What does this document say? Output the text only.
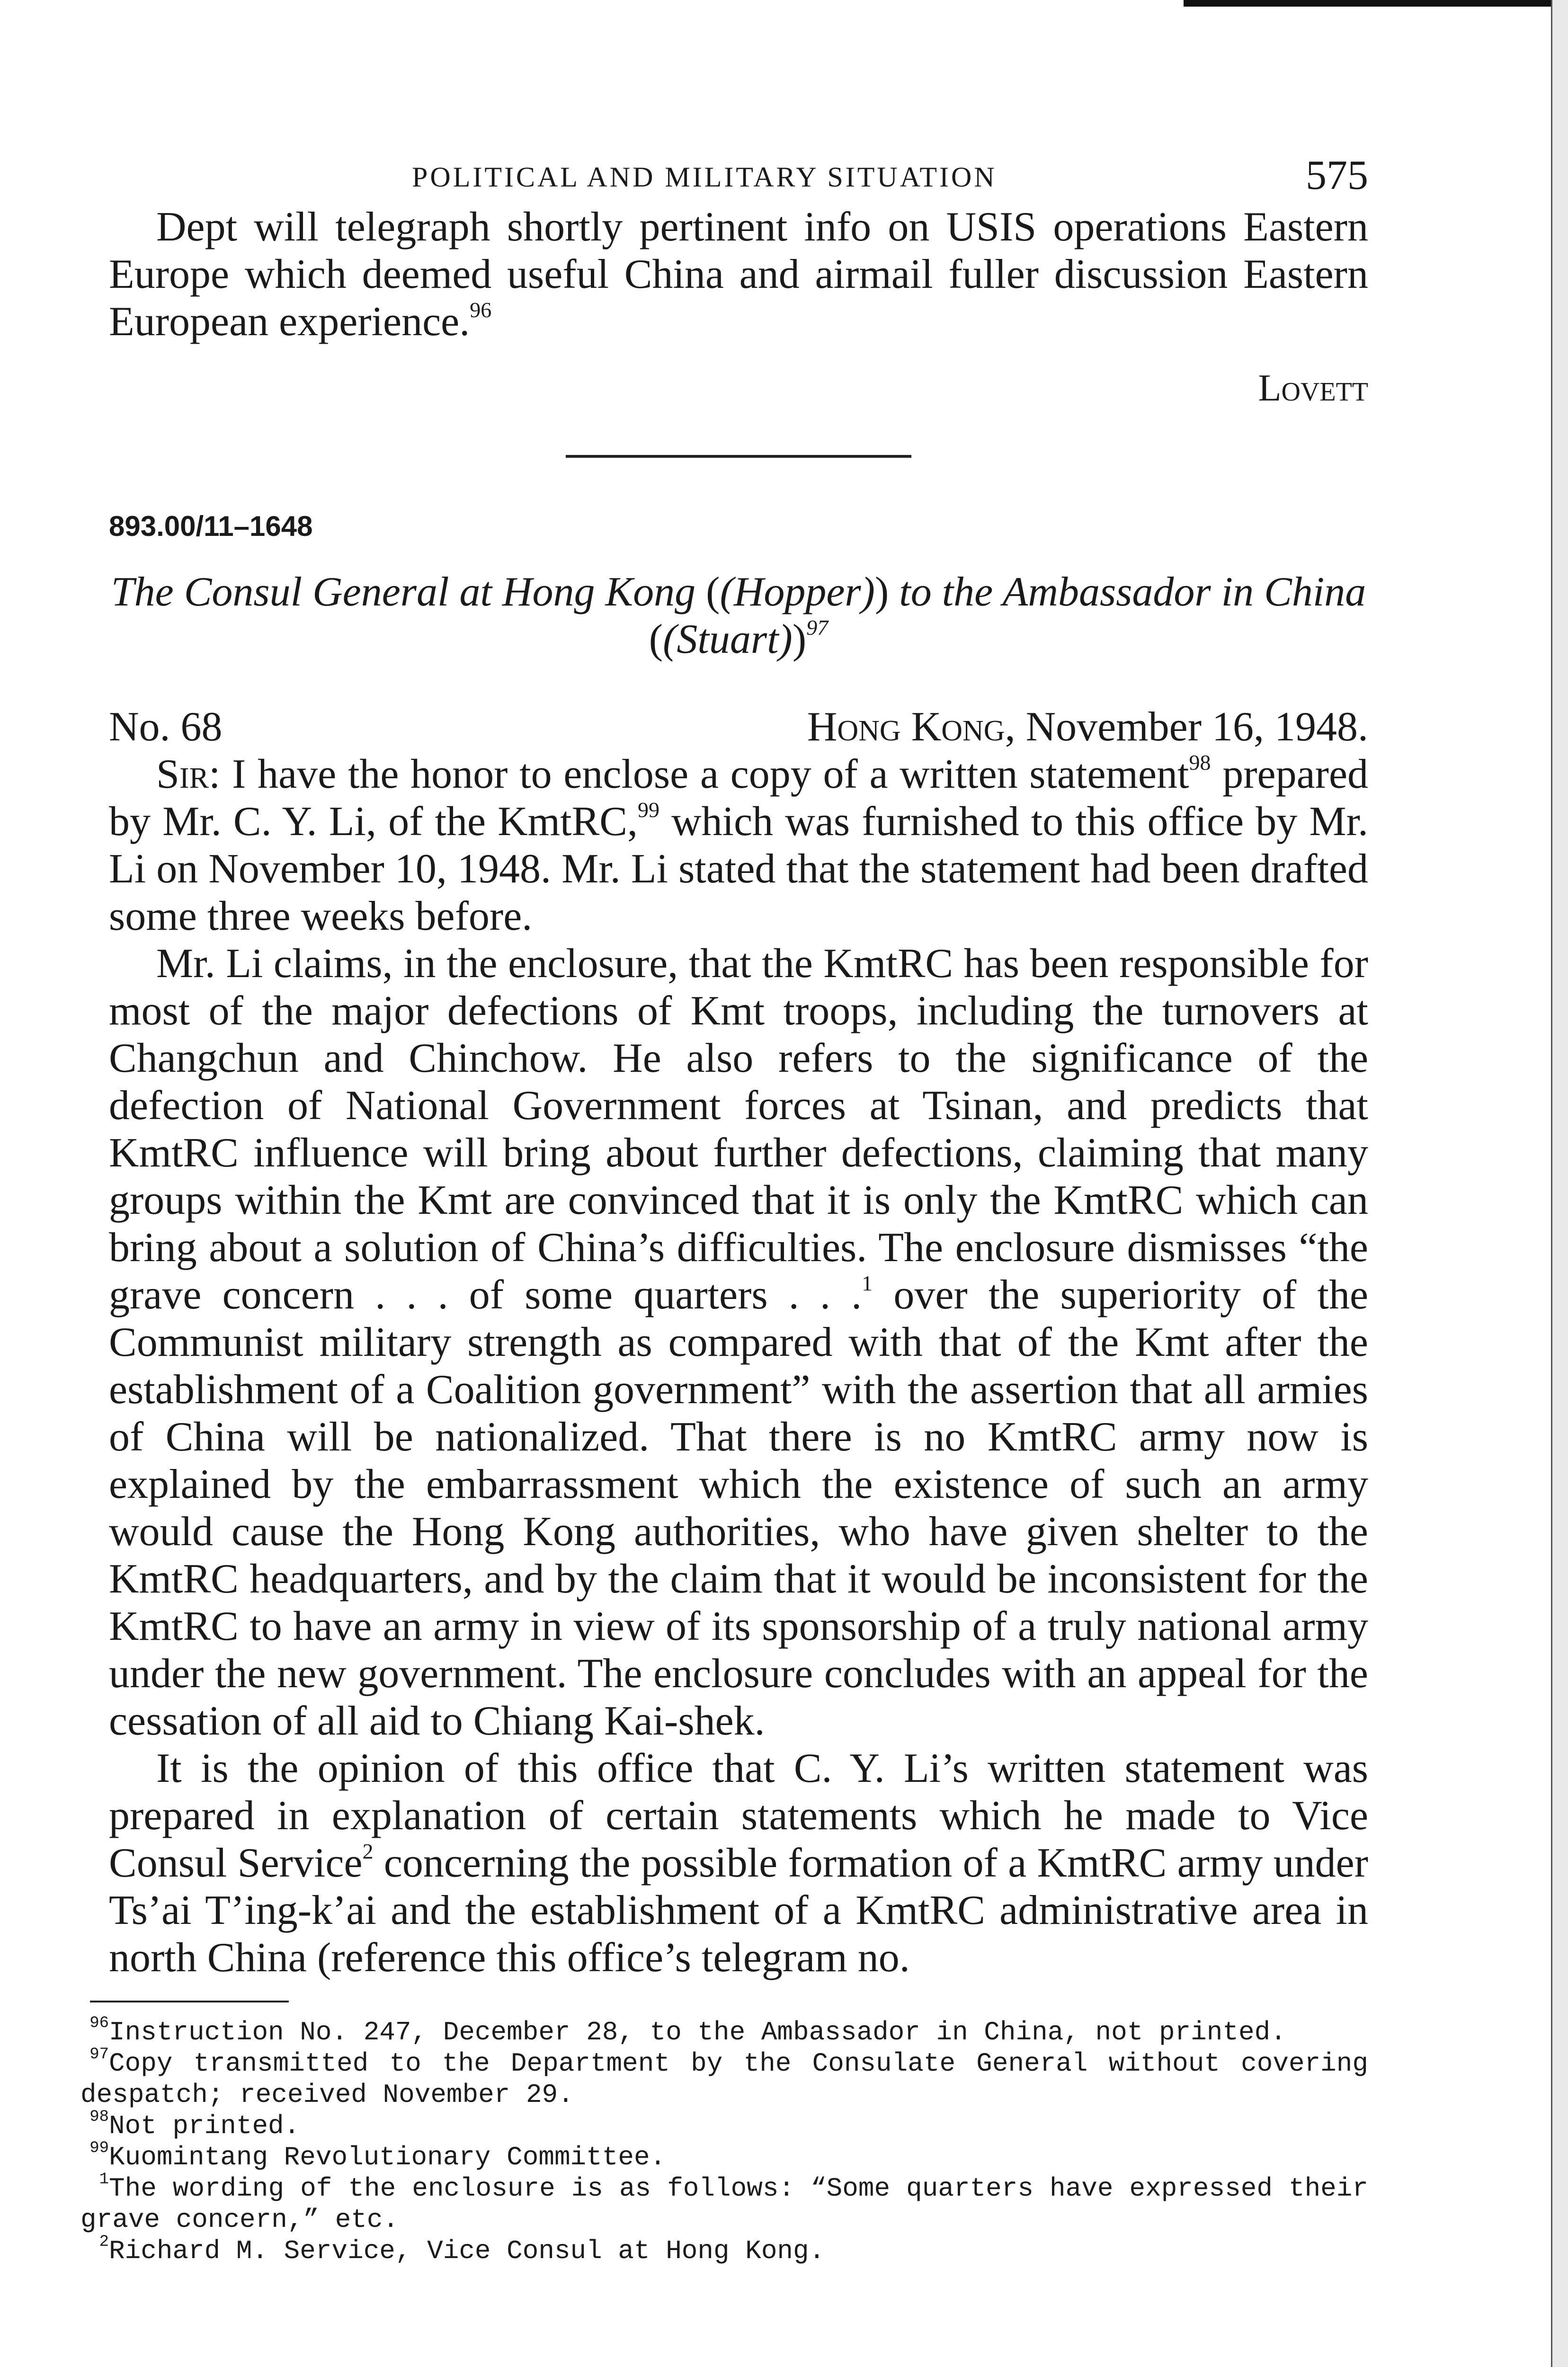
POLITICAL AND MILITARY SITUATION	575

Dept will telegraph shortly pertinent info on USIS operations Eastern Europe which deemed useful China and airmail fuller discussion Eastern European experience.$^{96}$

Lovett

893.00/11–1648
The Consul General at Hong Kong ((Hopper)) to the Ambassador in China ((Stuart))$^{97}$
No. 68	Hong Kong, November 16, 1948.

Sir: I have the honor to enclose a copy of a written statement$^{98}$ prepared by Mr. C. Y. Li, of the KmtRC,$^{99}$ which was furnished to this office by Mr. Li on November 10, 1948. Mr. Li stated that the statement had been drafted some three weeks before.

Mr. Li claims, in the enclosure, that the KmtRC has been responsible for most of the major defections of Kmt troops, including the turnovers at Changchun and Chinchow. He also refers to the significance of the defection of National Government forces at Tsinan, and predicts that KmtRC influence will bring about further defections, claiming that many groups within the Kmt are convinced that it is only the KmtRC which can bring about a solution of China’s difficulties. The enclosure dismisses “the grave concern . . . of some quarters . . .$^1$ over the superiority of the Communist military strength as compared with that of the Kmt after the establishment of a Coalition government” with the assertion that all armies of China will be nationalized. That there is no KmtRC army now is explained by the embarrassment which the existence of such an army would cause the Hong Kong authorities, who have given shelter to the KmtRC headquarters, and by the claim that it would be inconsistent for the KmtRC to have an army in view of its sponsorship of a truly national army under the new government. The enclosure concludes with an appeal for the cessation of all aid to Chiang Kai-shek.

It is the opinion of this office that C. Y. Li’s written statement was prepared in explanation of certain statements which he made to Vice Consul Service$^2$ concerning the possible formation of a KmtRC army under Ts’ai T’ing-k’ai and the establishment of a KmtRC administrative area in north China (reference this office’s telegram no.

$^{96}$Instruction No. 247, December 28, to the Ambassador in China, not printed.
$^{97}$Copy transmitted to the Department by the Consulate General without covering despatch; received November 29.
$^{98}$Not printed.
$^{99}$Kuomintang Revolutionary Committee.
$^1$The wording of the enclosure is as follows: “Some quarters have expressed their grave concern,” etc.
$^2$Richard M. Service, Vice Consul at Hong Kong.
